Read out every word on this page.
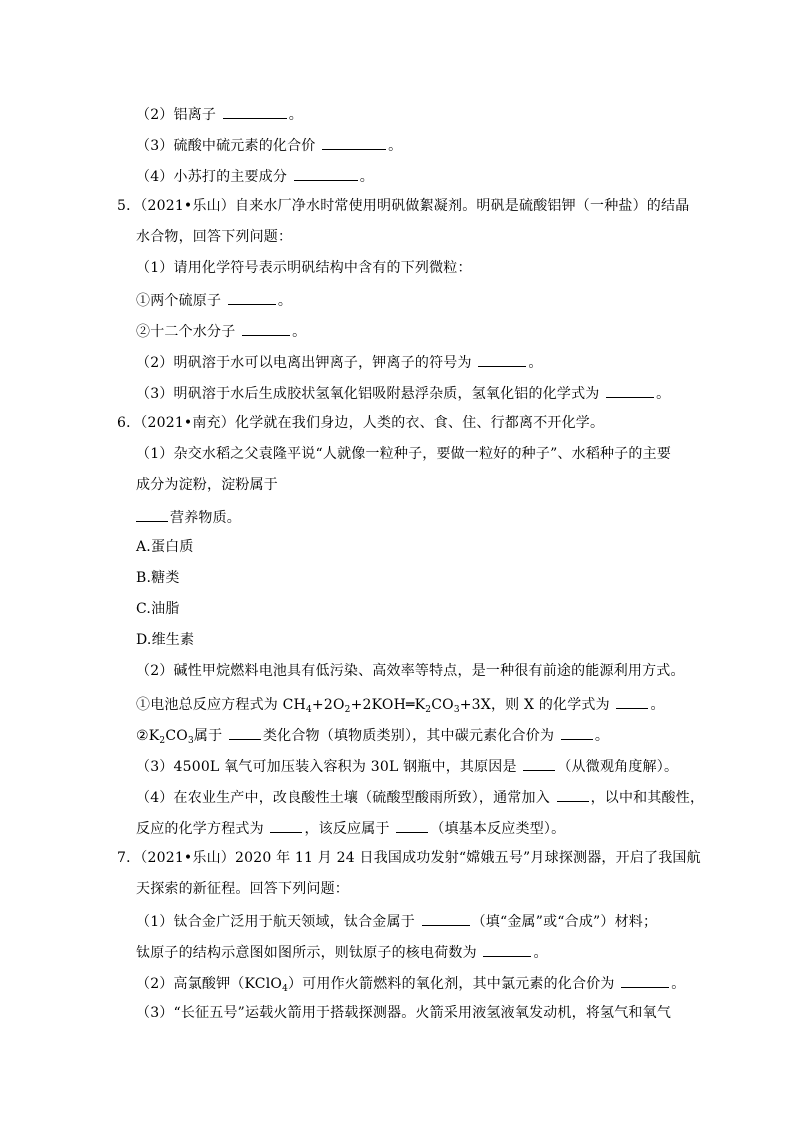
（2）铝离子	。
（3）硫酸中硫元素的化合价	。
（4）小苏打的主要成分	。
5．（2021•乐山）自来水厂净水时常使用明矾做絮凝剂。明矾是硫酸铝钾（一种盐）的结晶
水合物，回答下列问题：
（1）请用化学符号表示明矾结构中含有的下列微粒：
①两个硫原子	。
②十二个水分子	。
（2）明矾溶于水可以电离出钾离子，钾离子的符号为	。
（3）明矾溶于水后生成胶状氢氧化铝吸附悬浮杂质，氢氧化铝的化学式为	。
6．（2021•南充）化学就在我们身边，人类的衣、食、住、行都离不开化学。
（1）杂交水稻之父袁隆平说“人就像一粒种子，要做一粒好的种子”、水稻种子的主要
成分为淀粉，淀粉属于
营养物质。
A.蛋白质
B.糖类
C.油脂
D.维生素
（2）碱性甲烷燃料电池具有低污染、高效率等特点，是一种很有前途的能源利用方式。
①电池总反应方程式为 $CH_4+2O_2+2KOH═K_2CO_3+3X$，则 X 的化学式为	。
$②K_2CO_3$属于	类化合物（填物质类别），其中碳元素化合价为	。
（3）4500L 氧气可加压装入容积为 30L 钢瓶中，其原因是	（从微观角度解）。
（4）在农业生产中，改良酸性土壤（硫酸型酸雨所致），通常加入	，以中和其酸性，
反应的化学方程式为	，该反应属于	（填基本反应类型）。
7．（2021•乐山）2020 年 11 月 24 日我国成功发射“嫦娥五号”月球探测器，开启了我国航
天探索的新征程。回答下列问题：
（1）钛合金广泛用于航天领域，钛合金属于	（填“金属”或“合成”）材料；
钛原子的结构示意图如图所示，则钛原子的核电荷数为	。
（2）高氯酸钾（KClO$_4$）可用作火箭燃料的氧化剂，其中氯元素的化合价为	。
（3）“长征五号”运载火箭用于搭载探测器。火箭采用液氢液氧发动机，将氢气和氧气
